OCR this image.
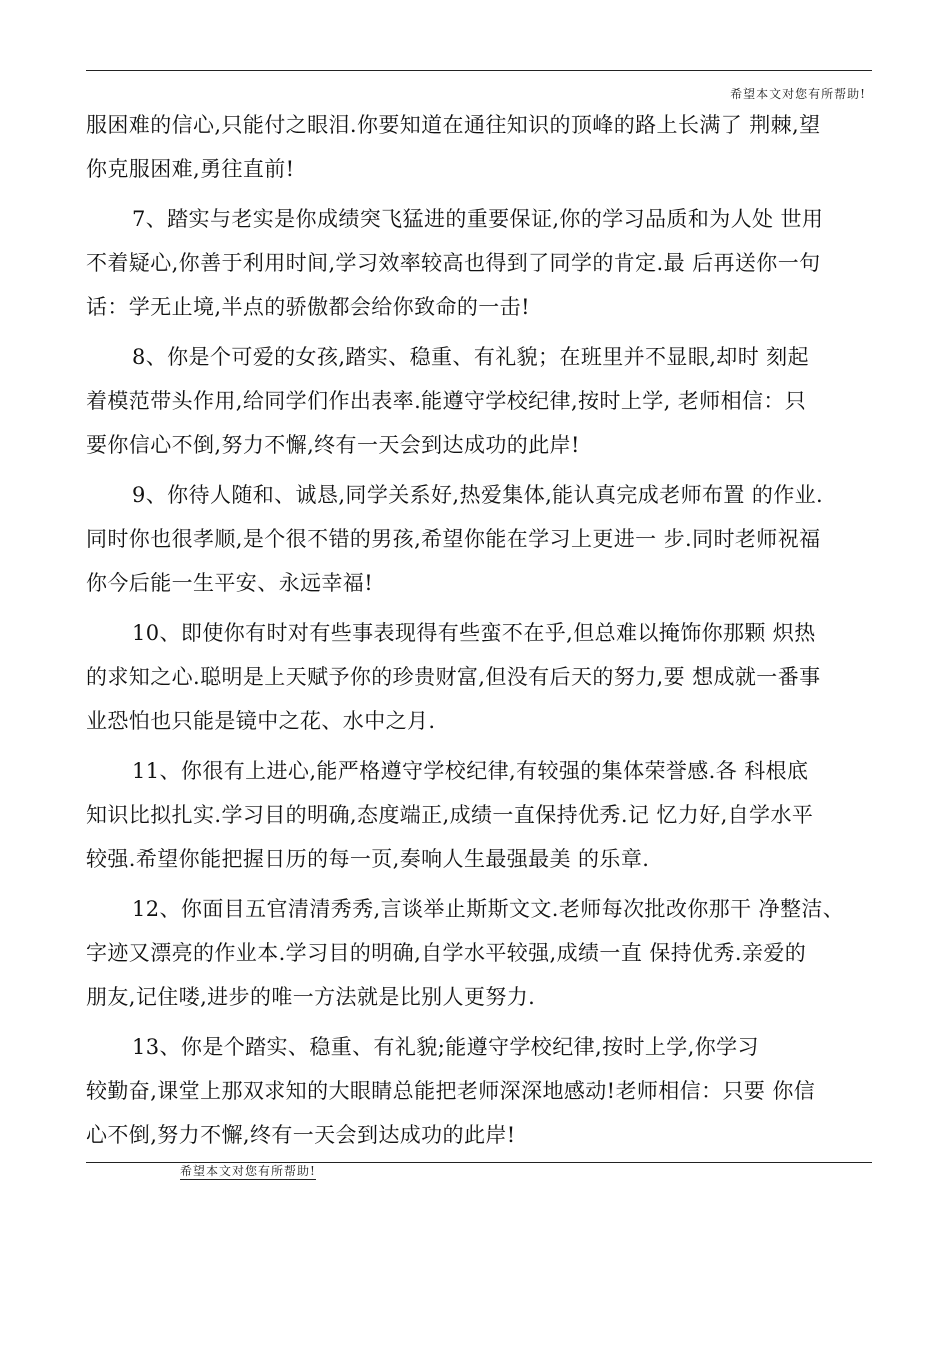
希望本文对您有所帮助!
服困难的信心,只能付之眼泪.你要知道在通往知识的顶峰的路上长满了 荆棘,望
你克服困难,勇往直前!
7、踏实与老实是你成绩突飞猛进的重要保证,你的学习品质和为人处 世用
不着疑心,你善于利用时间,学习效率较高也得到了同学的肯定.最 后再送你一句
话：学无止境,半点的骄傲都会给你致命的一击!
8、你是个可爱的女孩,踏实、稳重、有礼貌；在班里并不显眼,却时 刻起
着模范带头作用,给同学们作出表率.能遵守学校纪律,按时上学, 老师相信：只
要你信心不倒,努力不懈,终有一天会到达成功的此岸!
9、你待人随和、诚恳,同学关系好,热爱集体,能认真完成老师布置 的作业.
同时你也很孝顺,是个很不错的男孩,希望你能在学习上更进一 步.同时老师祝福
你今后能一生平安、永远幸福!
10、即使你有时对有些事表现得有些蛮不在乎,但总难以掩饰你那颗 炽热
的求知之心.聪明是上天赋予你的珍贵财富,但没有后天的努力,要 想成就一番事
业恐怕也只能是镜中之花、水中之月.
11、你很有上进心,能严格遵守学校纪律,有较强的集体荣誉感.各 科根底
知识比拟扎实.学习目的明确,态度端正,成绩一直保持优秀.记 忆力好,自学水平
较强.希望你能把握日历的每一页,奏响人生最强最美 的乐章.
12、你面目五官清清秀秀,言谈举止斯斯文文.老师每次批改你那干 净整洁、
字迹又漂亮的作业本.学习目的明确,自学水平较强,成绩一直 保持优秀.亲爱的
朋友,记住喽,进步的唯一方法就是比别人更努力.
13、你是个踏实、稳重、有礼貌;能遵守学校纪律,按时上学,你学习
较勤奋,课堂上那双求知的大眼睛总能把老师深深地感动!老师相信：只要 你信
心不倒,努力不懈,终有一天会到达成功的此岸!
希望本文对您有所帮助!
